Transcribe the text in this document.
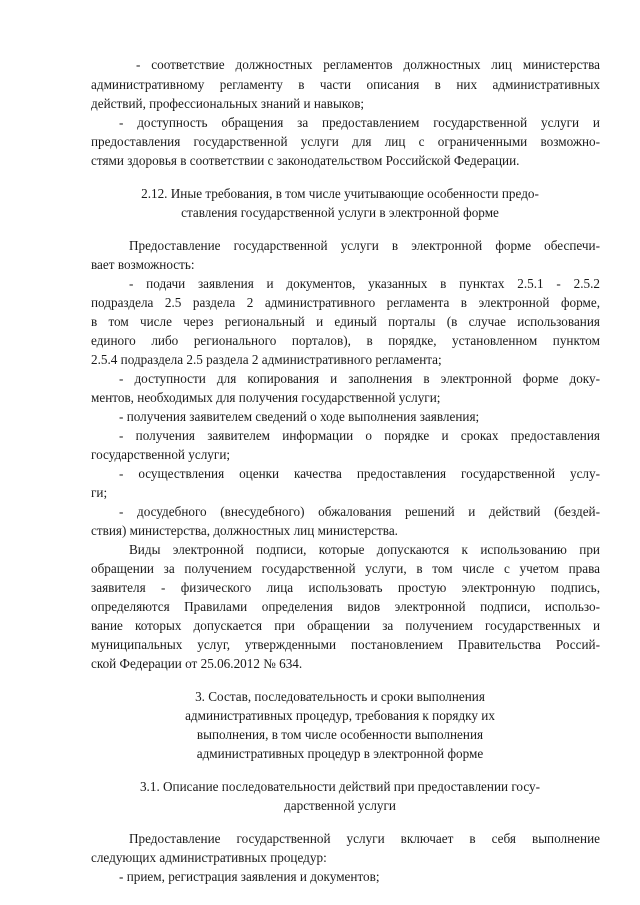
- соответствие должностных регламентов должностных лиц министерства
административному регламенту в части описания в них административных
действий, профессиональных знаний и навыков;
- доступность обращения за предоставлением государственной услуги и
предоставления государственной услуги для лиц с ограниченными возможно-
стями здоровья в соответствии с законодательством Российской Федерации.
2.12. Иные требования, в том числе учитывающие особенности предо-
ставления государственной услуги в электронной форме
Предоставление государственной услуги в электронной форме обеспечи-
вает возможность:
- подачи заявления и документов, указанных в пунктах 2.5.1 - 2.5.2
подраздела 2.5 раздела 2 административного регламента в электронной форме,
в том числе через региональный и единый порталы (в случае использования
единого либо регионального порталов), в порядке, установленном пунктом
2.5.4 подраздела 2.5 раздела 2 административного регламента;
- доступности для копирования и заполнения в электронной форме доку-
ментов, необходимых для получения государственной услуги;
- получения заявителем сведений о ходе выполнения заявления;
- получения заявителем информации о порядке и сроках предоставления
государственной услуги;
- осуществления оценки качества предоставления государственной услу-
ги;
- досудебного (внесудебного) обжалования решений и действий (бездей-
ствия) министерства, должностных лиц министерства.
Виды электронной подписи, которые допускаются к использованию при
обращении за получением государственной услуги, в том числе с учетом права
заявителя - физического лица использовать простую электронную подпись,
определяются Правилами определения видов электронной подписи, использо-
вание которых допускается при обращении за получением государственных и
муниципальных услуг, утвержденными постановлением Правительства Россий-
ской Федерации от 25.06.2012 № 634.
3. Состав, последовательность и сроки выполнения
административных процедур, требования к порядку их
выполнения, в том числе особенности выполнения
административных процедур в электронной форме
3.1. Описание последовательности действий при предоставлении госу-
дарственной услуги
Предоставление государственной услуги включает в себя выполнение
следующих административных процедур:
- прием, регистрация заявления и документов;
